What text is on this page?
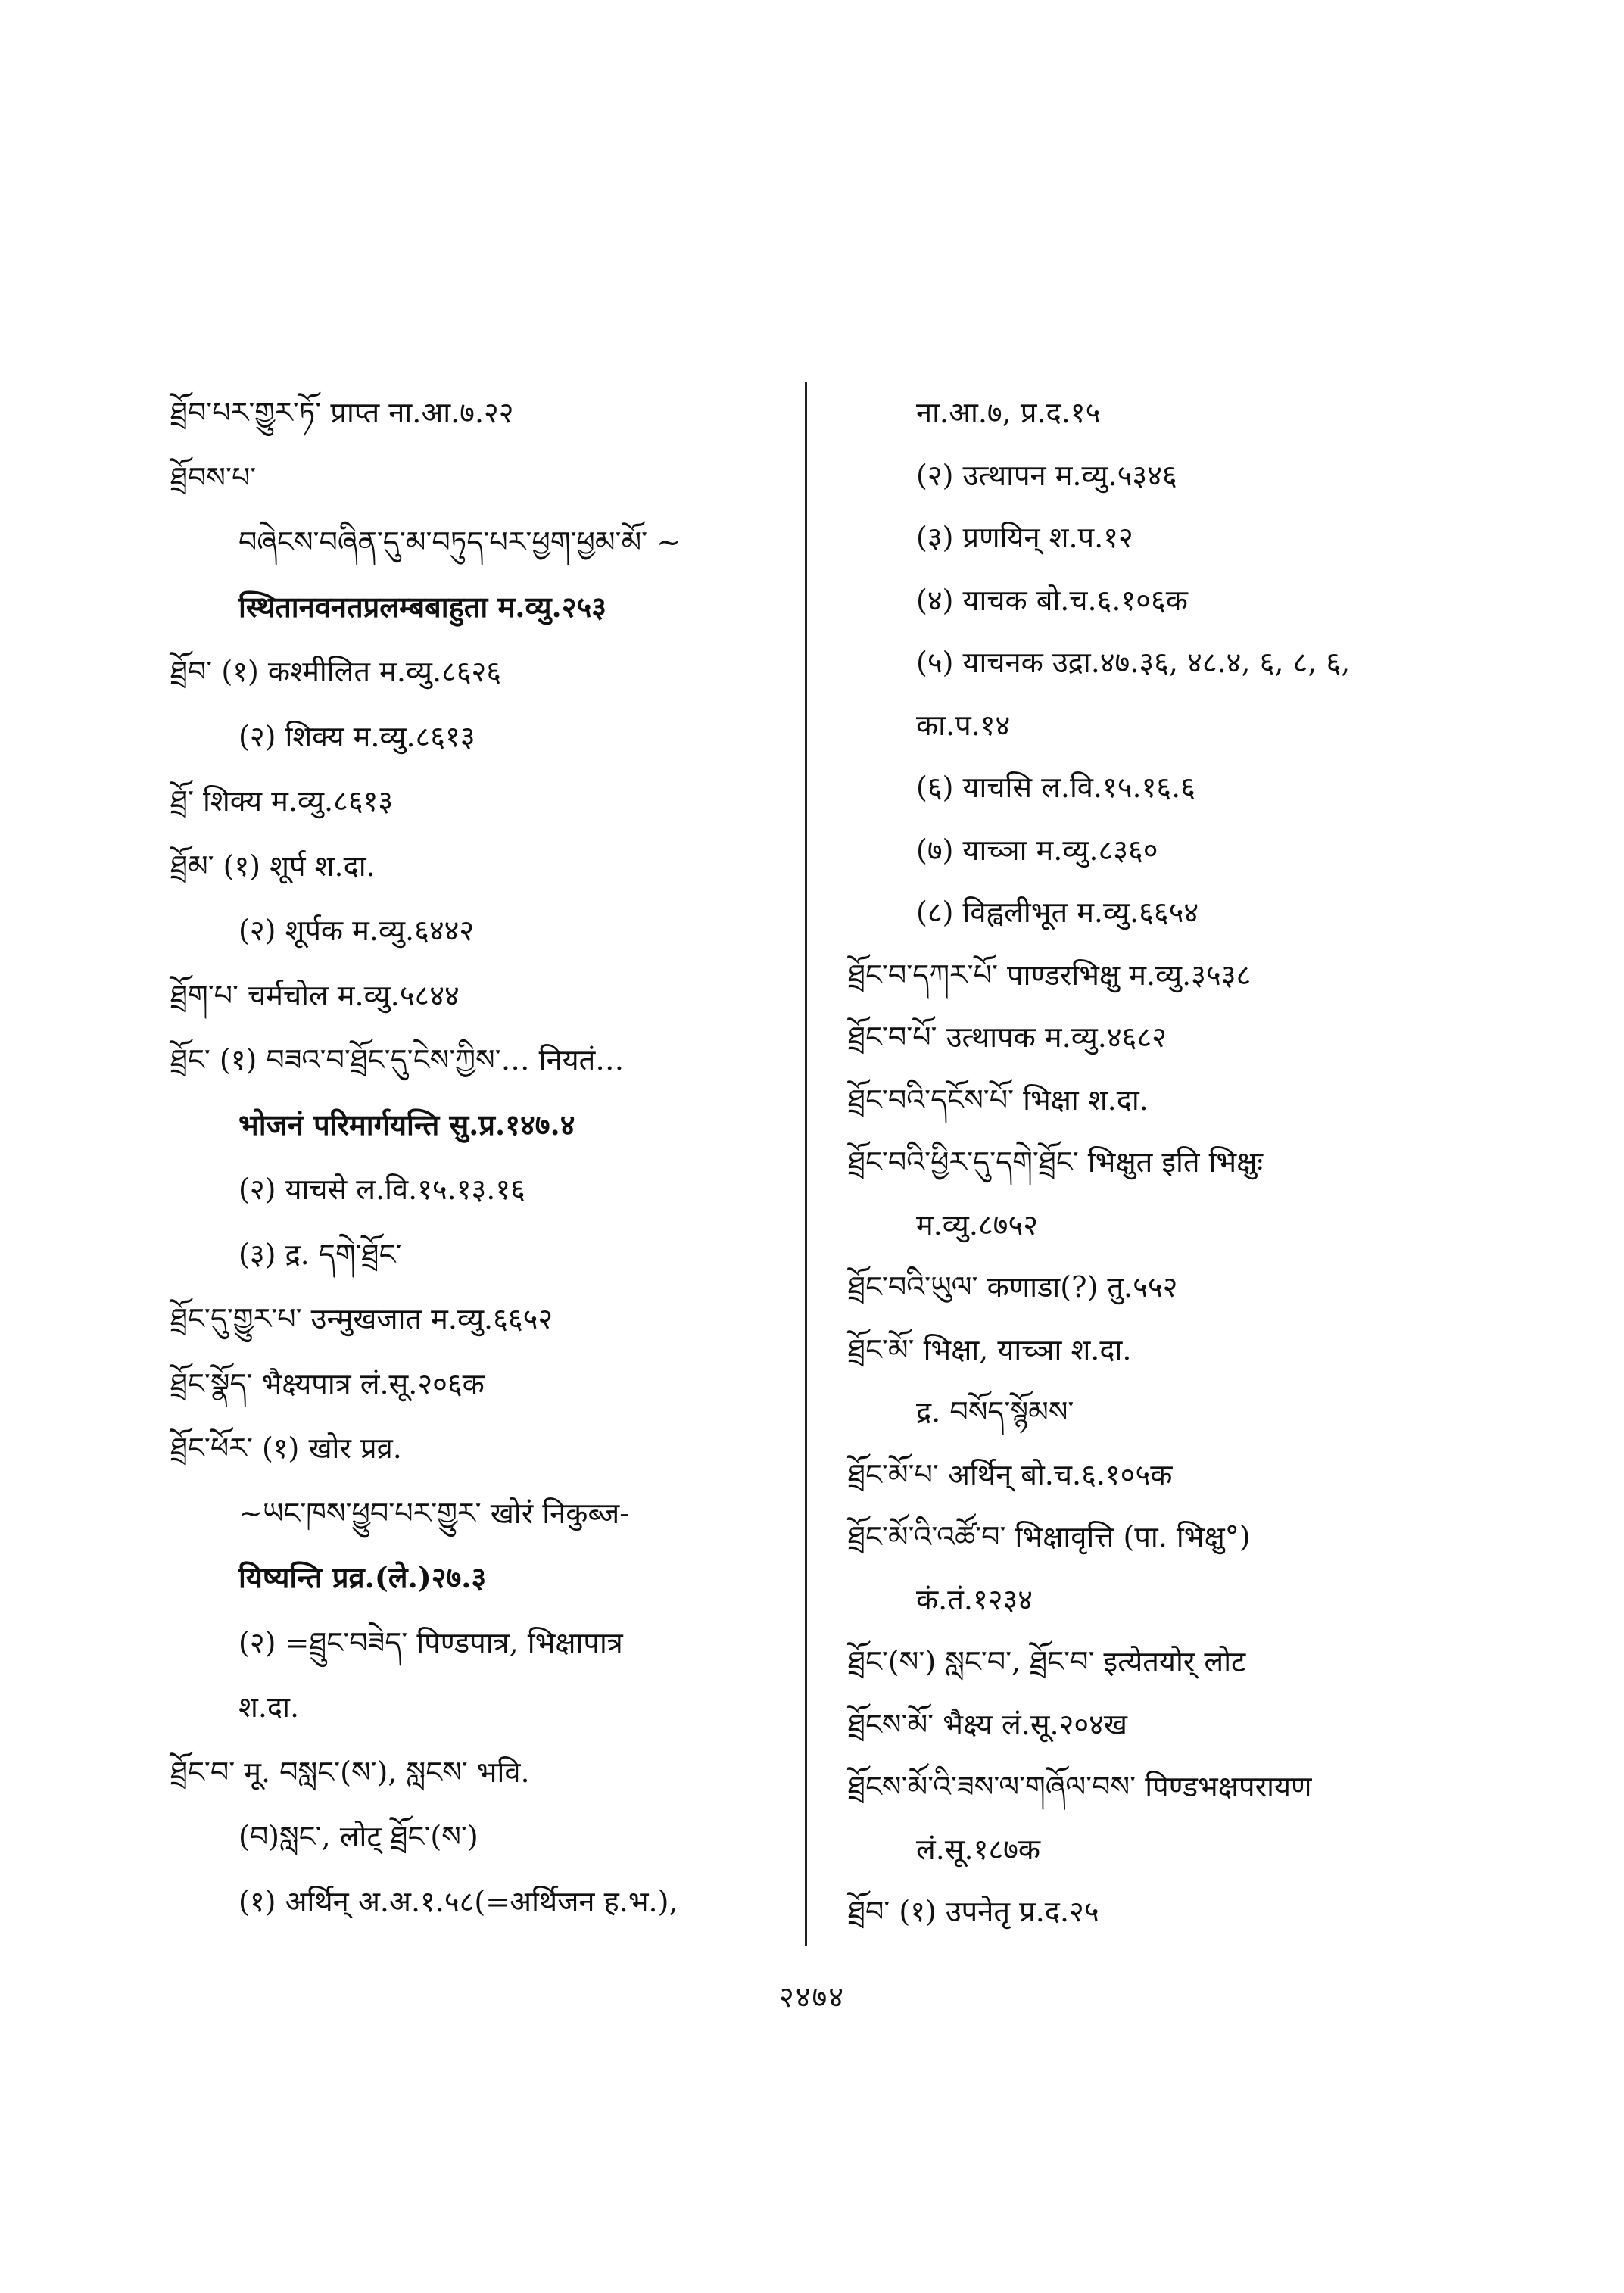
ཐྲོབ་པར་གྱུར་ཏོ་ प्राप्त ना.आ.७.२२
ཐྲོབས་པ་
བཞེངས་བཞིན་དུ་མ་བཏུད་པར་ཕྱག་ཕྱམ་མོ་ ~
स्थितानवनतप्रलम्बबाहुता म.व्यु.२५३
ཐྲོབ་ (१) कश्मीलित म.व्यु.८६२६
(२) शिक्य म.व्यु.८६१३
ཐྲོ་ शिक्य म.व्यु.८६१३
ཐྲོམ་ (१) शूर्प श.दा.
(२) शूर्पक म.व्यु.६४४२
ཐྲོག་པ་ चर्मचोल म.व्यु.५८४४
ཐྲོང་ (१) བཟའ་བ་ཐྲོང་དུ་ངེས་ཀྱིས་… नियतं…
भोजनं परिमार्गयन्ति सु.प्र.१४७.४
(२) याचसे ल.वि.१५.१३.१६
(३) द्र. དགེ་ཐྲོང་
ཐྲོང་དུ་གྱུར་པ་ उन्मुखजात म.व्यु.६६५२
ཐྲོང་སྣོད་ भैक्ष्यपात्र लं.सू.२०६क
ཐྲོང་ཕོར་ (१) खोर प्रव्र.
~ཡང་ཁས་ཕྱུབ་པར་གྱུར་ खोरं निकुब्ज-
यिष्यन्ति प्रव्र.(ले.)२७.३
(२) =ཐྲུང་བཟེད་ पिण्डपात्र, भिक्षापात्र
श.दा.
ཐྲོང་བ་ मू. བསླང་(ས་), སླངས་ भवि.
(བ)སླང་, लोट् ཐྲོང་(ས་)
(१) अर्थिन् अ.अ.१.५८(=अर्थिजन ह.भ.),
ना.आ.७, प्र.द.१५
(२) उत्थापन म.व्यु.५३४६
(३) प्रणयिन् श.प.१२
(४) याचक बो.च.६.१०६क
(५) याचनक उद्रा.४७.३६, ४८.४, ६, ८, ६,
का.प.१४
(६) याचसि ल.वि.१५.१६.६
(७) याच्ञा म.व्यु.८३६०
(८) विह्वलीभूत म.व्यु.६६५४
ཐྲོང་བ་དཀར་པོ་ पाण्डरभिक्षु म.व्यु.३५३८
ཐྲོང་བ་པོ་ उत्थापक म.व्यु.४६८२
ཐྲོང་བའི་དངོས་པོ་ भिक्षा श.दा.
ཐྲོང་བའི་ཕྱིར་དུ་དགེ་ཐྲོང་ भिक्षुत इति भिक्षुः
म.व्यु.८७५२
ཐྲོང་བའི་ཡུལ་ कणाडा(?) तु.५५२
ཐྲོང་མོ་ भिक्षा, याच्ञा श.दा.
द्र. བསོད་སྙོམས་
ཐྲོང་མོ་པ་ अर्थिन् बो.च.६.१०५क
ཐྲོང་མོ་འི་འཚོ་བ་ भिक्षावृत्ति (पा. भिक्षु°)
कं.तं.१२३४
ཐྲོང་(ས་) སླང་བ་, ཐྲོང་བ་ इत्येतयोर् लोट
ཐྲོངས་མོ་ भैक्ष्य लं.सू.२०४ख
ཐྲོངས་མོ་འི་ཟས་ལ་གཞོལ་བས་ पिण्डभक्षपरायण
लं.सू.१८७क
ཐྲོབ་ (१) उपनेतृ प्र.द.२५
२४७४
